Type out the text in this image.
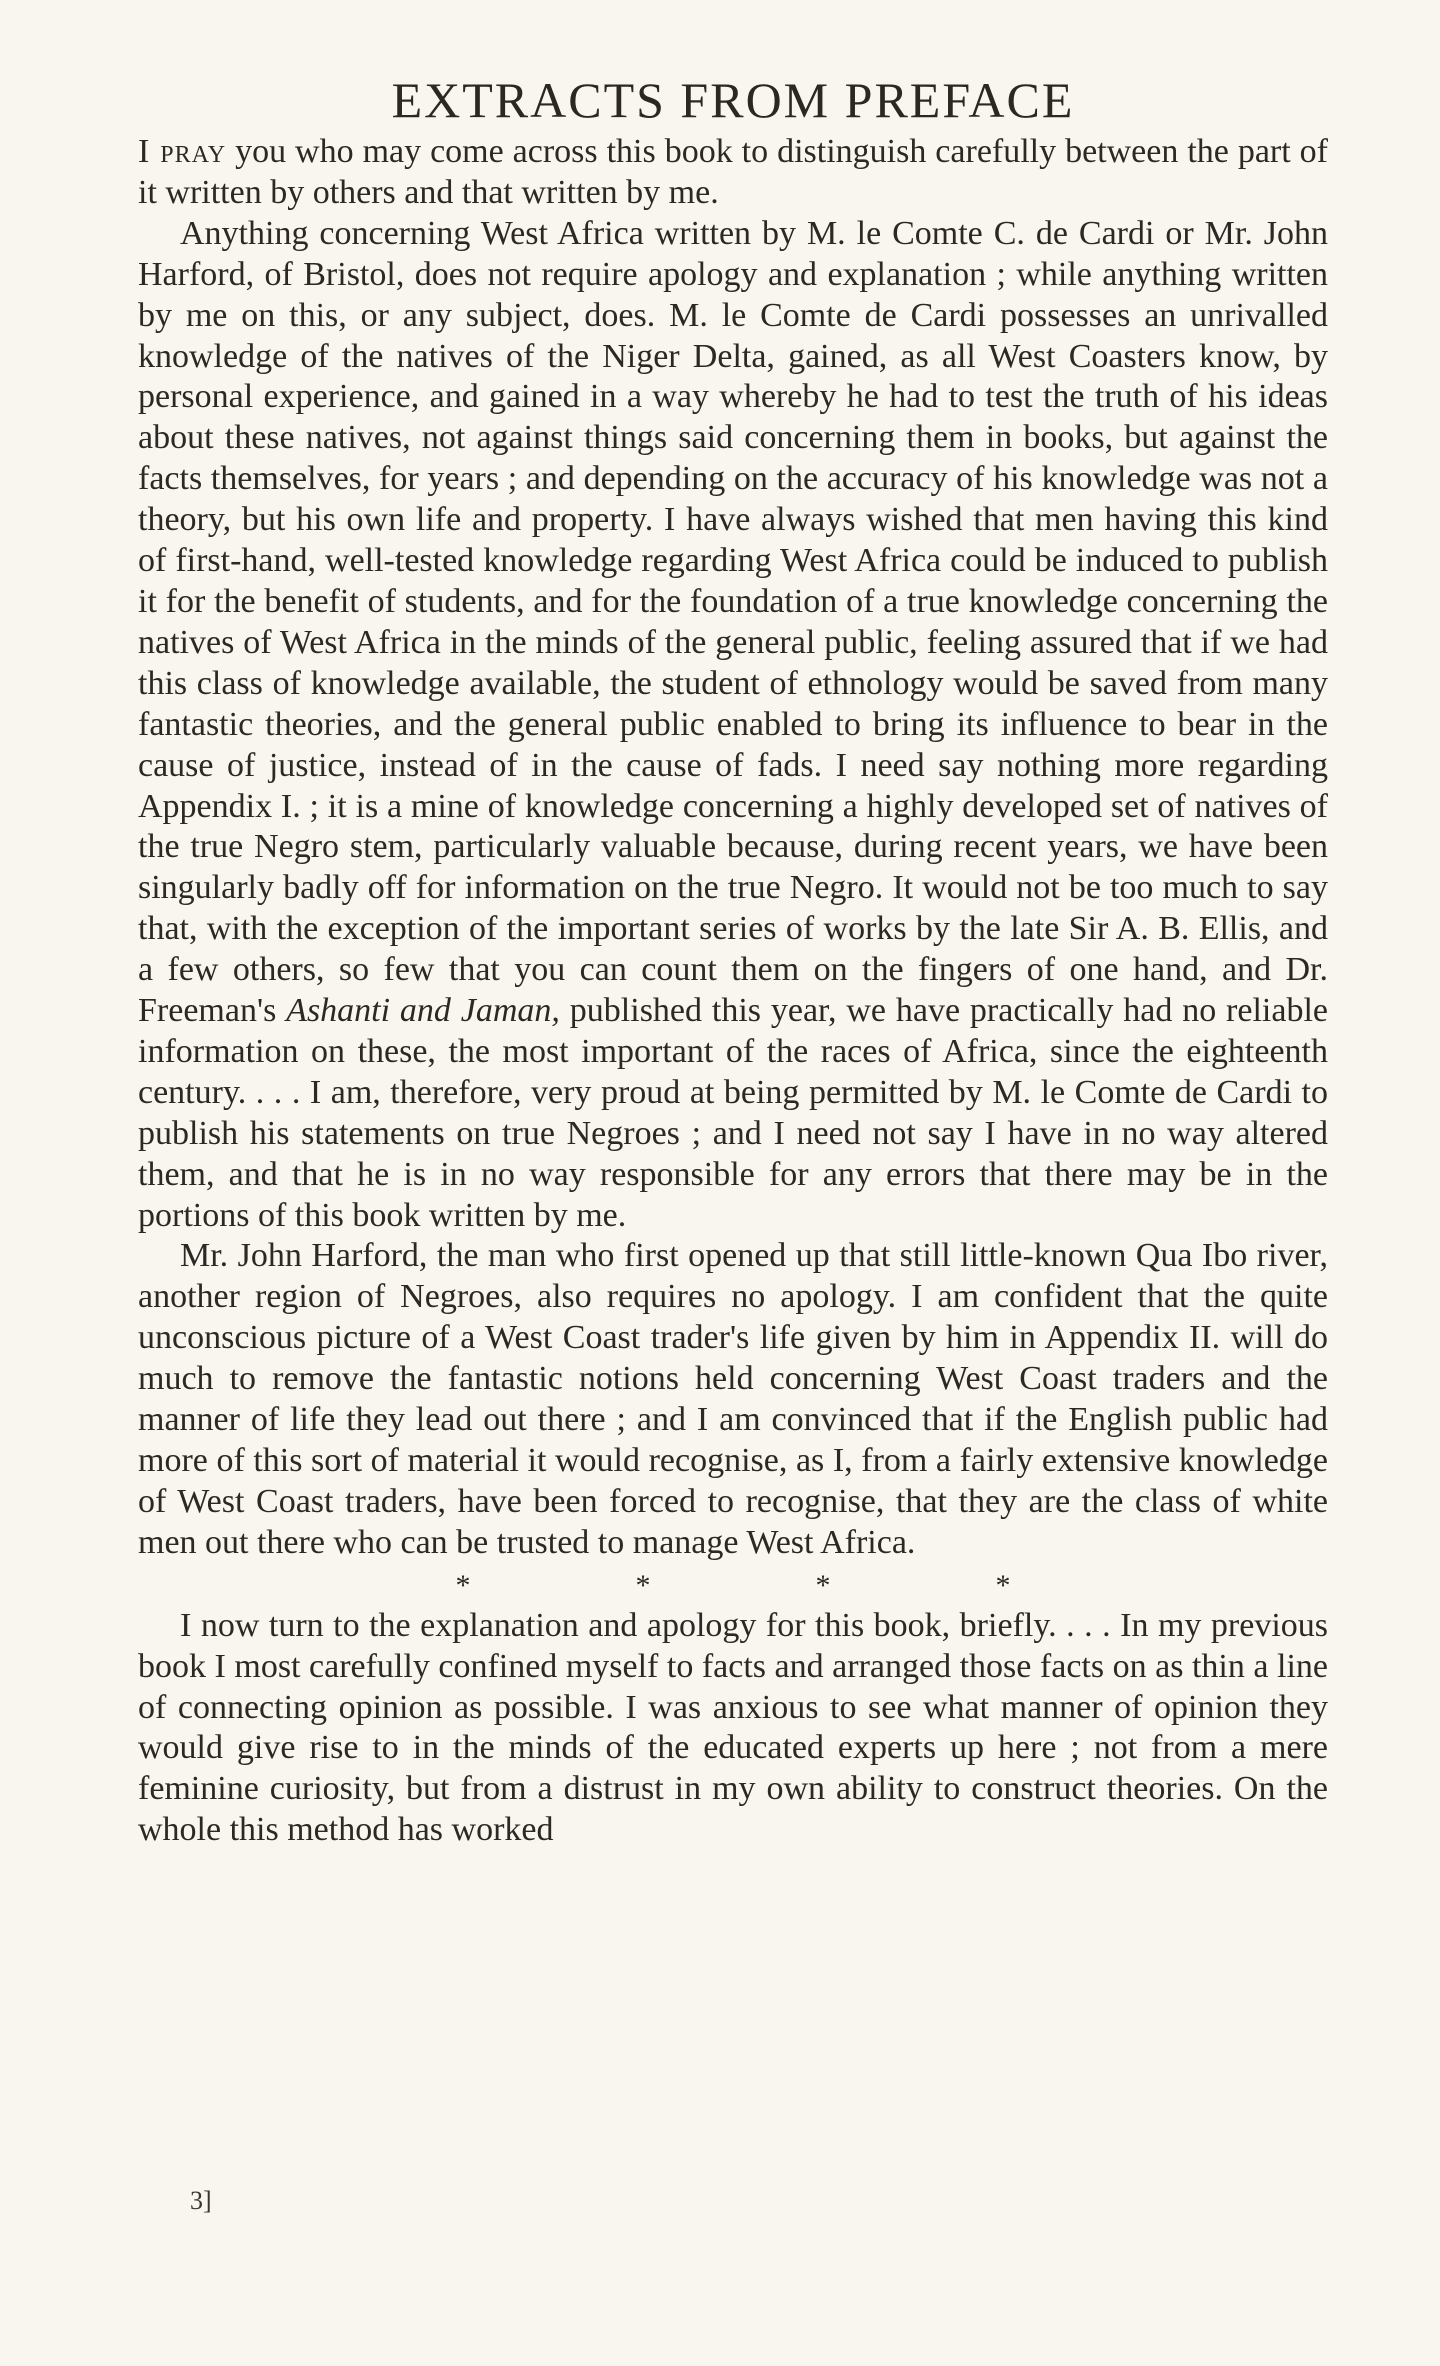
EXTRACTS FROM PREFACE

I pray you who may come across this book to distinguish carefully between the part of it written by others and that written by me.

Anything concerning West Africa written by M. le Comte C. de Cardi or Mr. John Harford, of Bristol, does not require apology and explanation ; while anything written by me on this, or any subject, does. M. le Comte de Cardi possesses an unrivalled knowledge of the natives of the Niger Delta, gained, as all West Coasters know, by personal experience, and gained in a way whereby he had to test the truth of his ideas about these natives, not against things said concerning them in books, but against the facts themselves, for years ; and depending on the accuracy of his knowledge was not a theory, but his own life and property. I have always wished that men having this kind of first-hand, well-tested knowledge regarding West Africa could be induced to publish it for the benefit of students, and for the foundation of a true knowledge concerning the natives of West Africa in the minds of the general public, feeling assured that if we had this class of knowledge available, the student of ethnology would be saved from many fantastic theories, and the general public enabled to bring its influence to bear in the cause of justice, instead of in the cause of fads. I need say nothing more regarding Appendix I. ; it is a mine of knowledge concerning a highly developed set of natives of the true Negro stem, particularly valuable because, during recent years, we have been singularly badly off for information on the true Negro. It would not be too much to say that, with the exception of the important series of works by the late Sir A. B. Ellis, and a few others, so few that you can count them on the fingers of one hand, and Dr. Freeman's Ashanti and Jaman, published this year, we have practically had no reliable information on these, the most important of the races of Africa, since the eighteenth century. . . . I am, therefore, very proud at being permitted by M. le Comte de Cardi to publish his statements on true Negroes ; and I need not say I have in no way altered them, and that he is in no way responsible for any errors that there may be in the portions of this book written by me.

Mr. John Harford, the man who first opened up that still little-known Qua Ibo river, another region of Negroes, also requires no apology. I am confident that the quite unconscious picture of a West Coast trader's life given by him in Appendix II. will do much to remove the fantastic notions held concerning West Coast traders and the manner of life they lead out there ; and I am convinced that if the English public had more of this sort of material it would recognise, as I, from a fairly extensive knowledge of West Coast traders, have been forced to recognise, that they are the class of white men out there who can be trusted to manage West Africa.

*	*	*	*

I now turn to the explanation and apology for this book, briefly. . . . In my previous book I most carefully confined myself to facts and arranged those facts on as thin a line of connecting opinion as possible. I was anxious to see what manner of opinion they would give rise to in the minds of the educated experts up here ; not from a mere feminine curiosity, but from a distrust in my own ability to construct theories. On the whole this method has worked

3]
